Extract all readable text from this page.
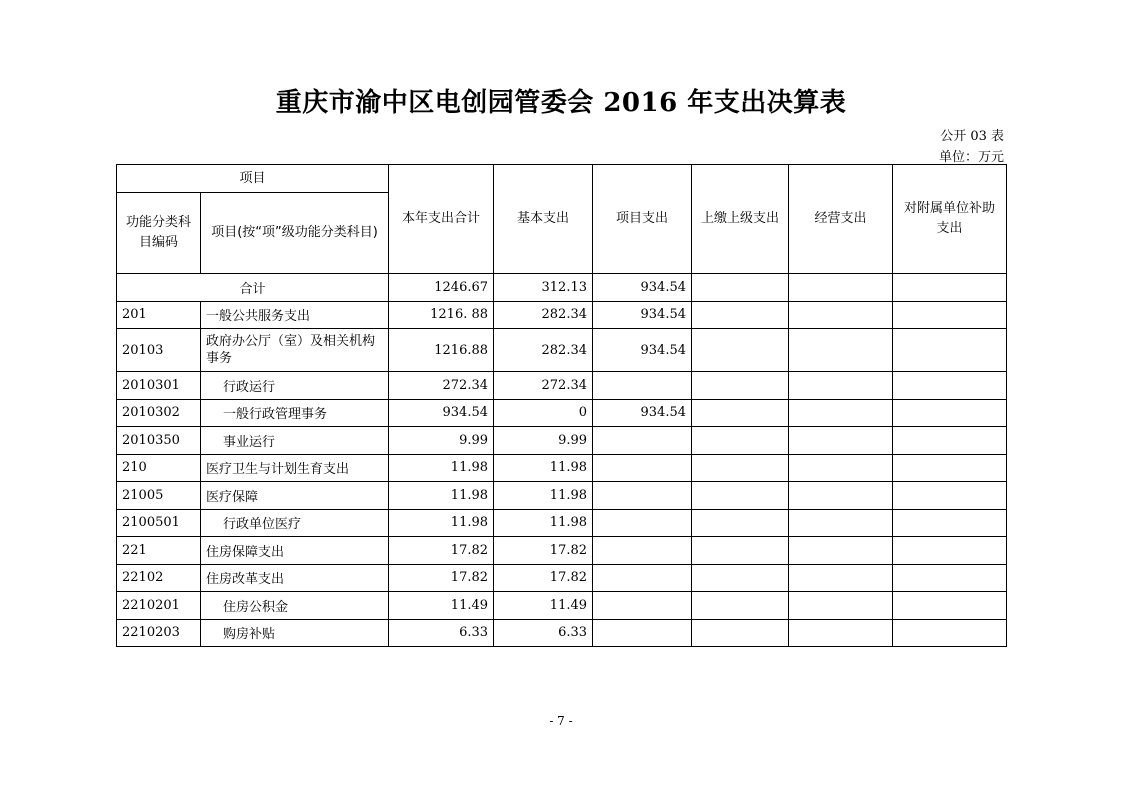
重庆市渝中区电创园管委会 2016 年支出决算表
公开 03 表
单位：万元
项目		本年支出合计	基本支出	项目支出	上缴上级支出	经营支出	对附属单位补助支出
功能分类科目编码	项目(按“项”级功能分类科目)						
合计		1246.67	312.13	934.54			
201	一般公共服务支出	1216. 88	282.34	934.54			
20103	政府办公厅（室）及相关机构事务	1216.88	282.34	934.54			
2010301	行政运行	272.34	272.34				
2010302	一般行政管理事务	934.54	0	934.54			
2010350	事业运行	9.99	9.99				
210	医疗卫生与计划生育支出	11.98	11.98				
21005	医疗保障	11.98	11.98				
2100501	行政单位医疗	11.98	11.98				
221	住房保障支出	17.82	17.82				
22102	住房改革支出	17.82	17.82				
2210201	住房公积金	11.49	11.49				
2210203	购房补贴	6.33	6.33				
- 7 -
